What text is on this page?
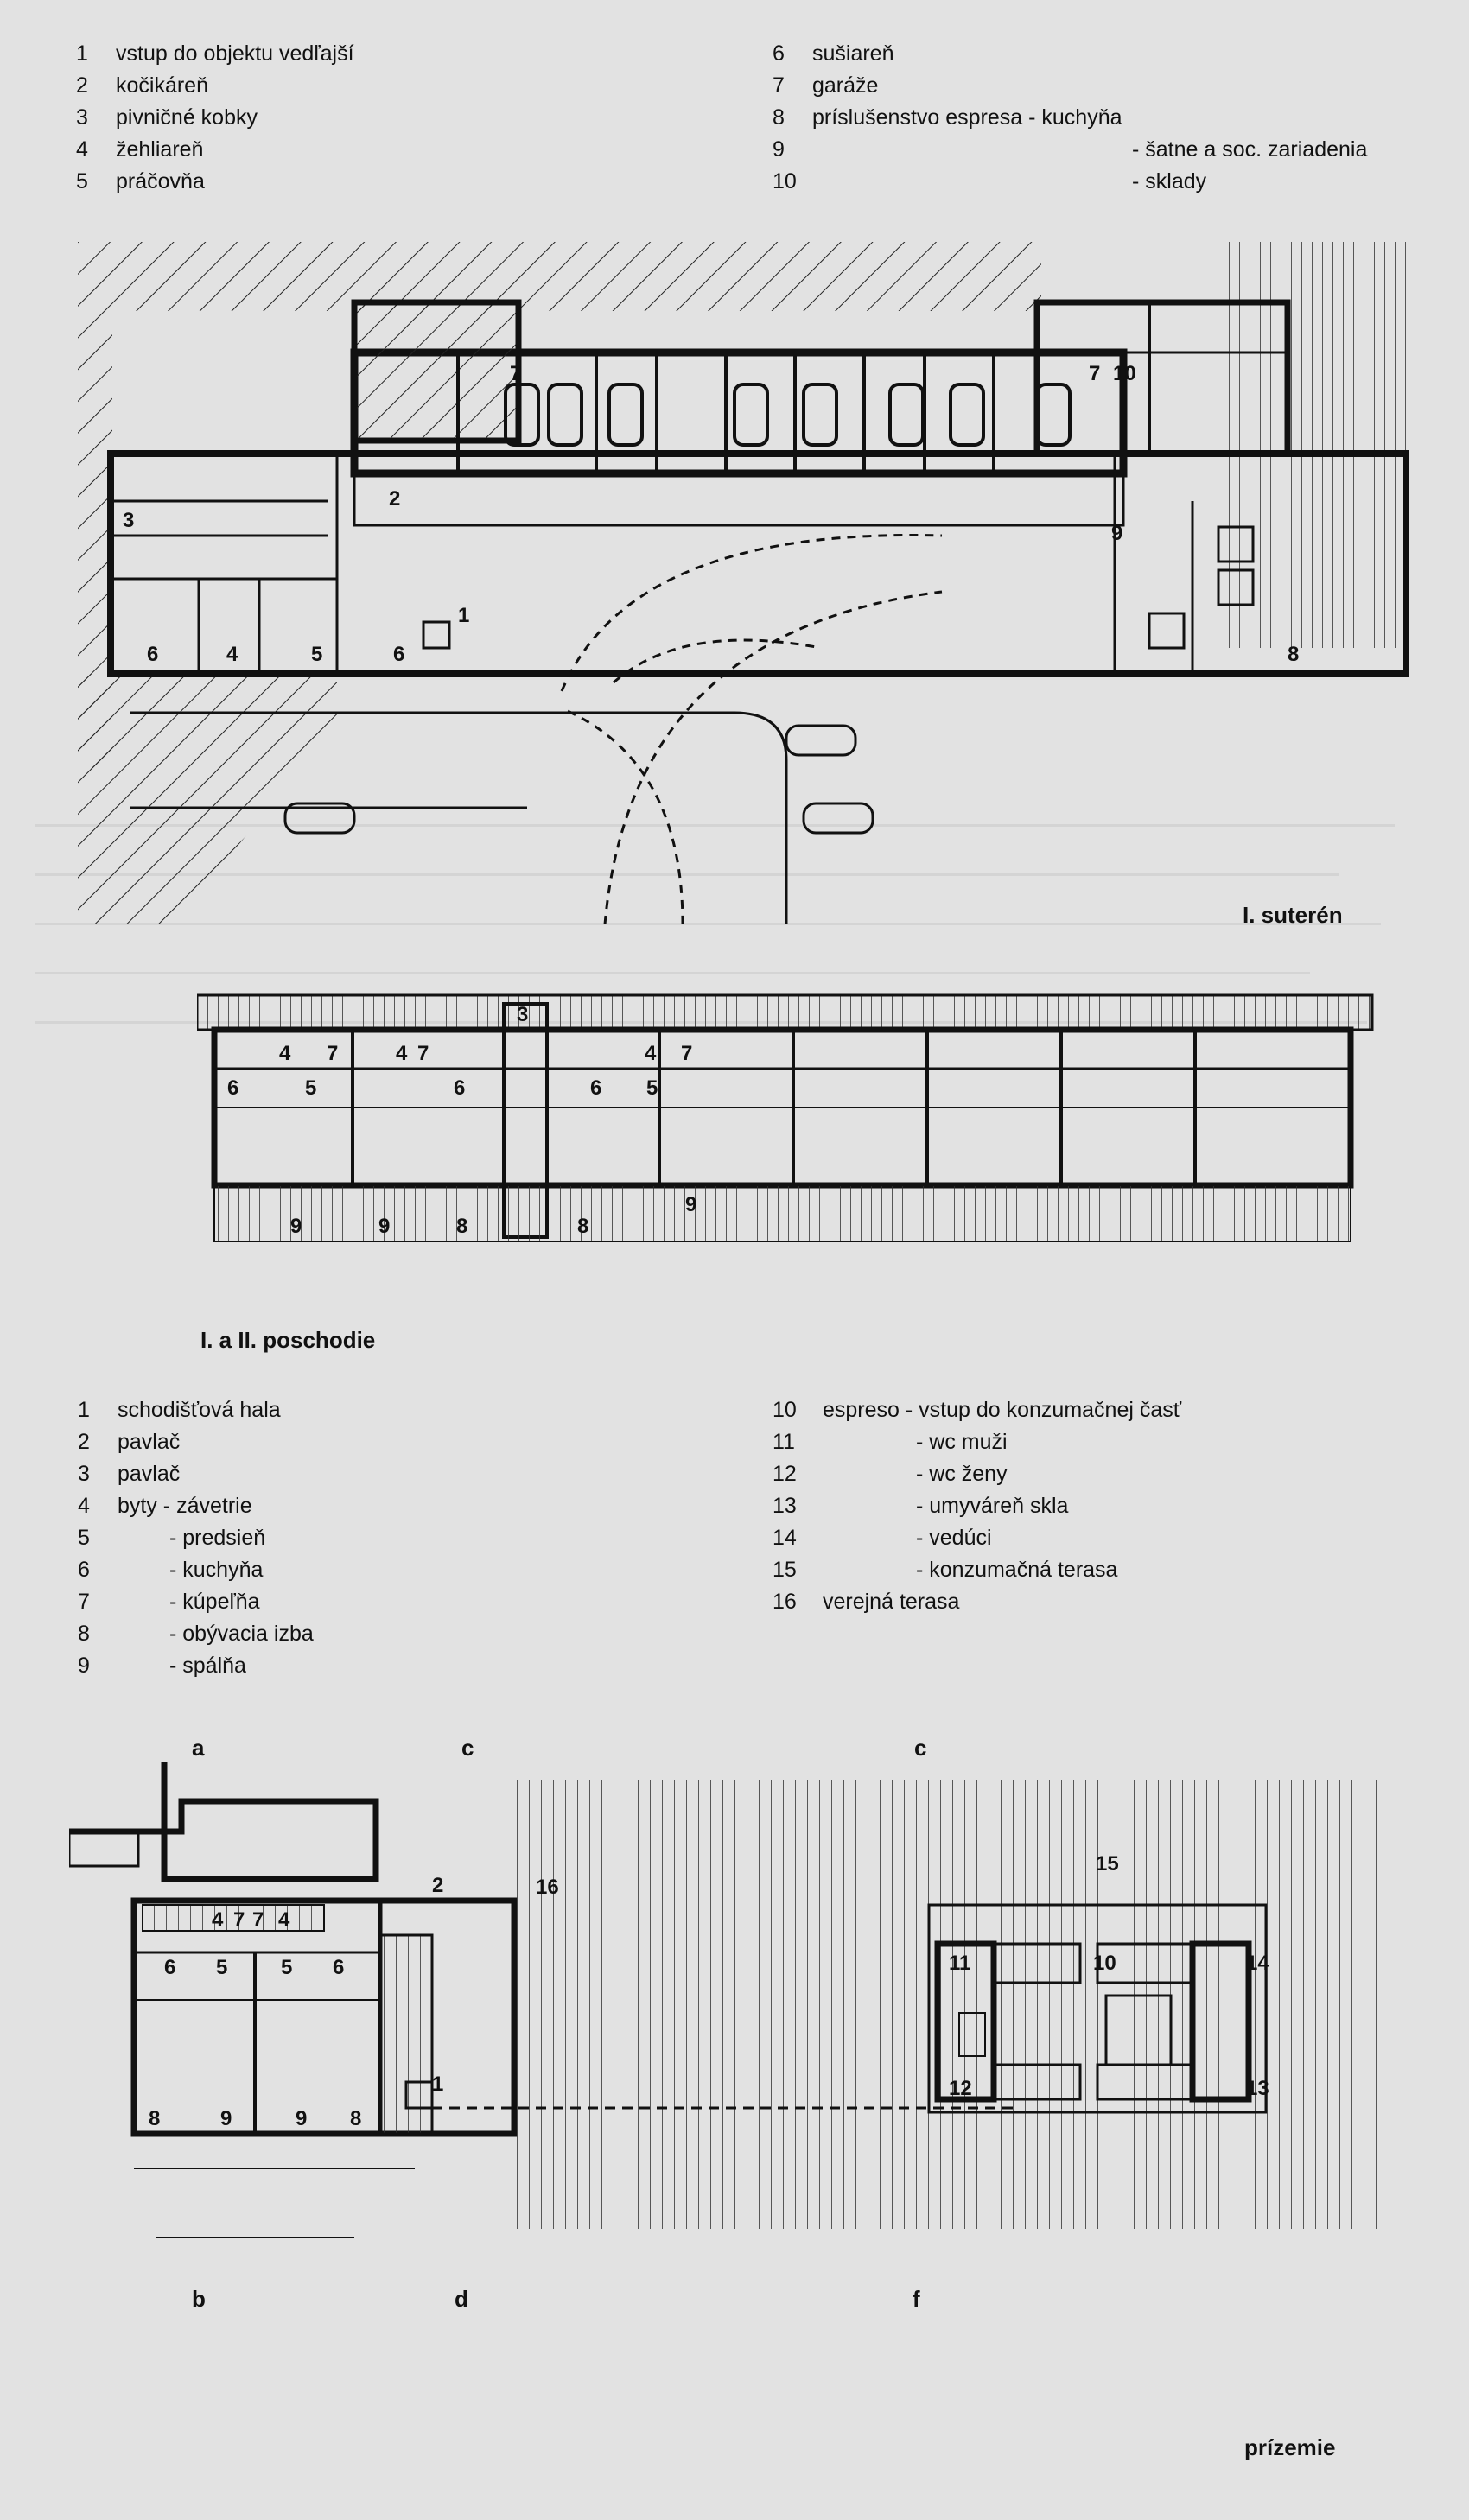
1 vstup do objektu vedľajší
2 kočikáreň
3 pivničné kobky
4 žehliareň
5 práčovňa
6 sušiareň
7 garáže
8 príslušenstvo espresa - kuchyňa
9	- šatne a soc. zariadenia
10	- sklady
1
2
3
4	5
6	6
7	7
8
9
10
I. suterén
3
4 7	4 7	4 7
6	5	6	6 5
9	9	8	8
9
I. a II. poschodie
1 schodišťová hala
2 pavlač
3 pavlač
4 byty - závetrie
5	- predsieň
6	- kuchyňa
7	- kúpeľňa
8	- obývacia izba
9	- spálňa
10 espreso - vstup do konzumačnej časť
11	- wc muži
12	- wc ženy
13	- umyváreň skla
14	- vedúci
15	- konzumačná terasa
16 verejná terasa
a	c	c
b	d	f
4 7 7 4
6 5	5 6
8	9	9 8
1
2	16
15
11	10	14
12	13
prízemie
